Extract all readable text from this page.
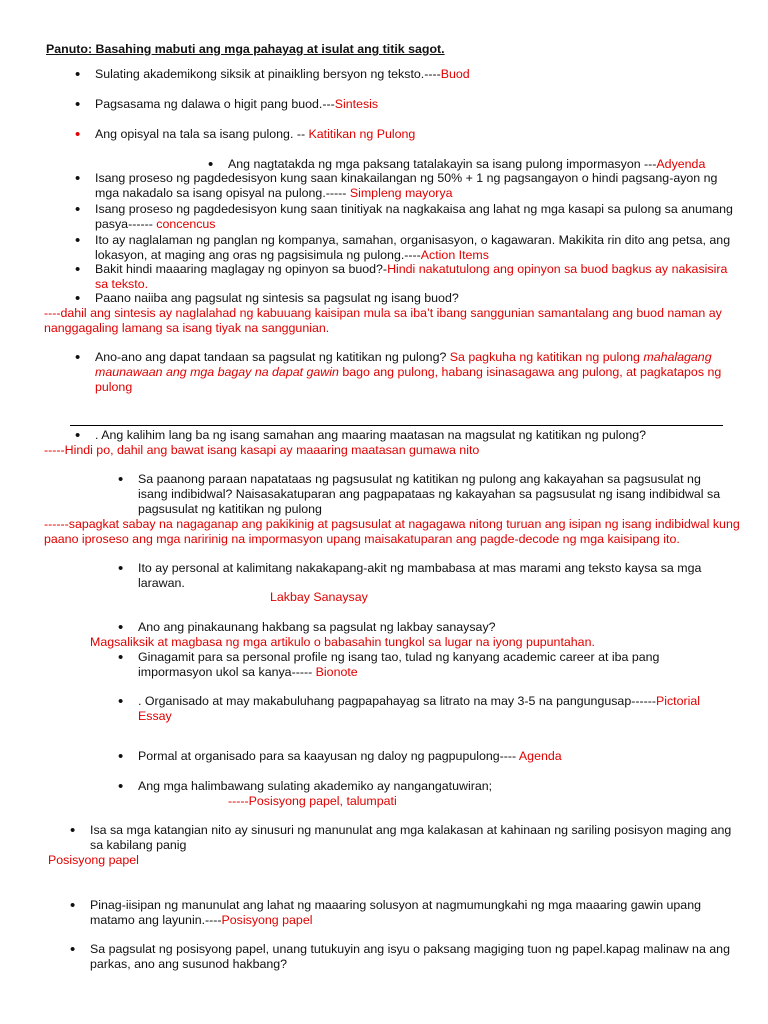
Panuto: Basahing mabuti ang mga pahayag at isulat ang titik sagot.
•
Sulating akademikong siksik at pinaikling bersyon ng teksto.----Buod
•
Pagsasama ng dalawa o higit pang buod.---Sintesis
•
Ang opisyal na tala sa isang pulong. -- Katitikan ng Pulong
•
Ang nagtatakda ng mga paksang tatalakayin sa isang pulong impormasyon ---Adyenda
•
Isang proseso ng pagdedesisyon kung saan kinakailangan ng 50% + 1 ng pagsangayon o hindi pagsang-ayon ng mga nakadalo sa isang opisyal na pulong.----- Simpleng mayorya
•
Isang proseso ng pagdedesisyon kung saan tinitiyak na nagkakaisa ang lahat ng mga kasapi sa pulong sa anumang pasya------ concencus
•
Ito ay naglalaman ng panglan ng kompanya, samahan, organisasyon, o kagawaran. Makikita rin dito ang petsa, ang lokasyon, at maging ang oras ng pagsisimula ng pulong.----Action Items
•
Bakit hindi maaaring maglagay ng opinyon sa buod?-Hindi nakatutulong ang opinyon sa buod bagkus ay nakasisira sa teksto.
•
Paano naiiba ang pagsulat ng sintesis sa pagsulat ng isang buod?
----dahil ang sintesis ay naglalahad ng kabuuang kaisipan mula sa iba’t ibang sanggunian samantalang ang buod naman ay nanggagaling lamang sa isang tiyak na sanggunian.
•
Ano-ano ang dapat tandaan sa pagsulat ng katitikan ng pulong? Sa pagkuha ng katitikan ng pulong mahalagang maunawaan ang mga bagay na dapat gawin bago ang pulong, habang isinasagawa ang pulong, at pagkatapos ng pulong
•
. Ang kalihim lang ba ng isang samahan ang maaring maatasan na magsulat ng katitikan ng pulong?
-----Hindi po, dahil ang bawat isang kasapi ay maaaring maatasan gumawa nito
•
Sa paanong paraan napatataas ng pagsusulat ng katitikan ng pulong ang kakayahan sa pagsusulat ng isang indibidwal? Naisasakatuparan ang pagpapataas ng kakayahan sa pagsusulat ng isang indibidwal sa pagsusulat ng katitikan ng pulong
------sapagkat sabay na nagaganap ang pakikinig at pagsusulat at nagagawa nitong turuan ang isipan ng isang indibidwal kung paano iproseso ang mga naririnig na impormasyon upang maisakatuparan ang pagde-decode ng mga kaisipang ito.
•
Ito ay personal at kalimitang nakakapang-akit ng mambabasa at mas marami ang teksto kaysa sa mga larawan.
Lakbay Sanaysay
•
Ano ang pinakaunang hakbang sa pagsulat ng lakbay sanaysay?
Magsaliksik at magbasa ng mga artikulo o babasahin tungkol sa lugar na iyong pupuntahan.
•
Ginagamit para sa personal profile ng isang tao, tulad ng kanyang academic career at iba pang impormasyon ukol sa kanya----- Bionote
•
. Organisado at may makabuluhang pagpapahayag sa litrato na may 3-5 na pangungusap------Pictorial Essay
•
Pormal at organisado para sa kaayusan ng daloy ng pagpupulong---- Agenda
•
Ang mga halimbawang sulating akademiko ay nangangatuwiran;
-----Posisyong papel, talumpati
•
Isa sa mga katangian nito ay sinusuri ng manunulat ang mga kalakasan at kahinaan ng sariling posisyon maging ang sa kabilang panig
Posisyong papel
•
Pinag-iisipan ng manunulat ang lahat ng maaaring solusyon at nagmumungkahi ng mga maaaring gawin upang matamo ang layunin.----Posisyong papel
•
Sa pagsulat ng posisyong papel, unang tutukuyin ang isyu o paksang magiging tuon ng papel.kapag malinaw na ang parkas, ano ang susunod hakbang?
